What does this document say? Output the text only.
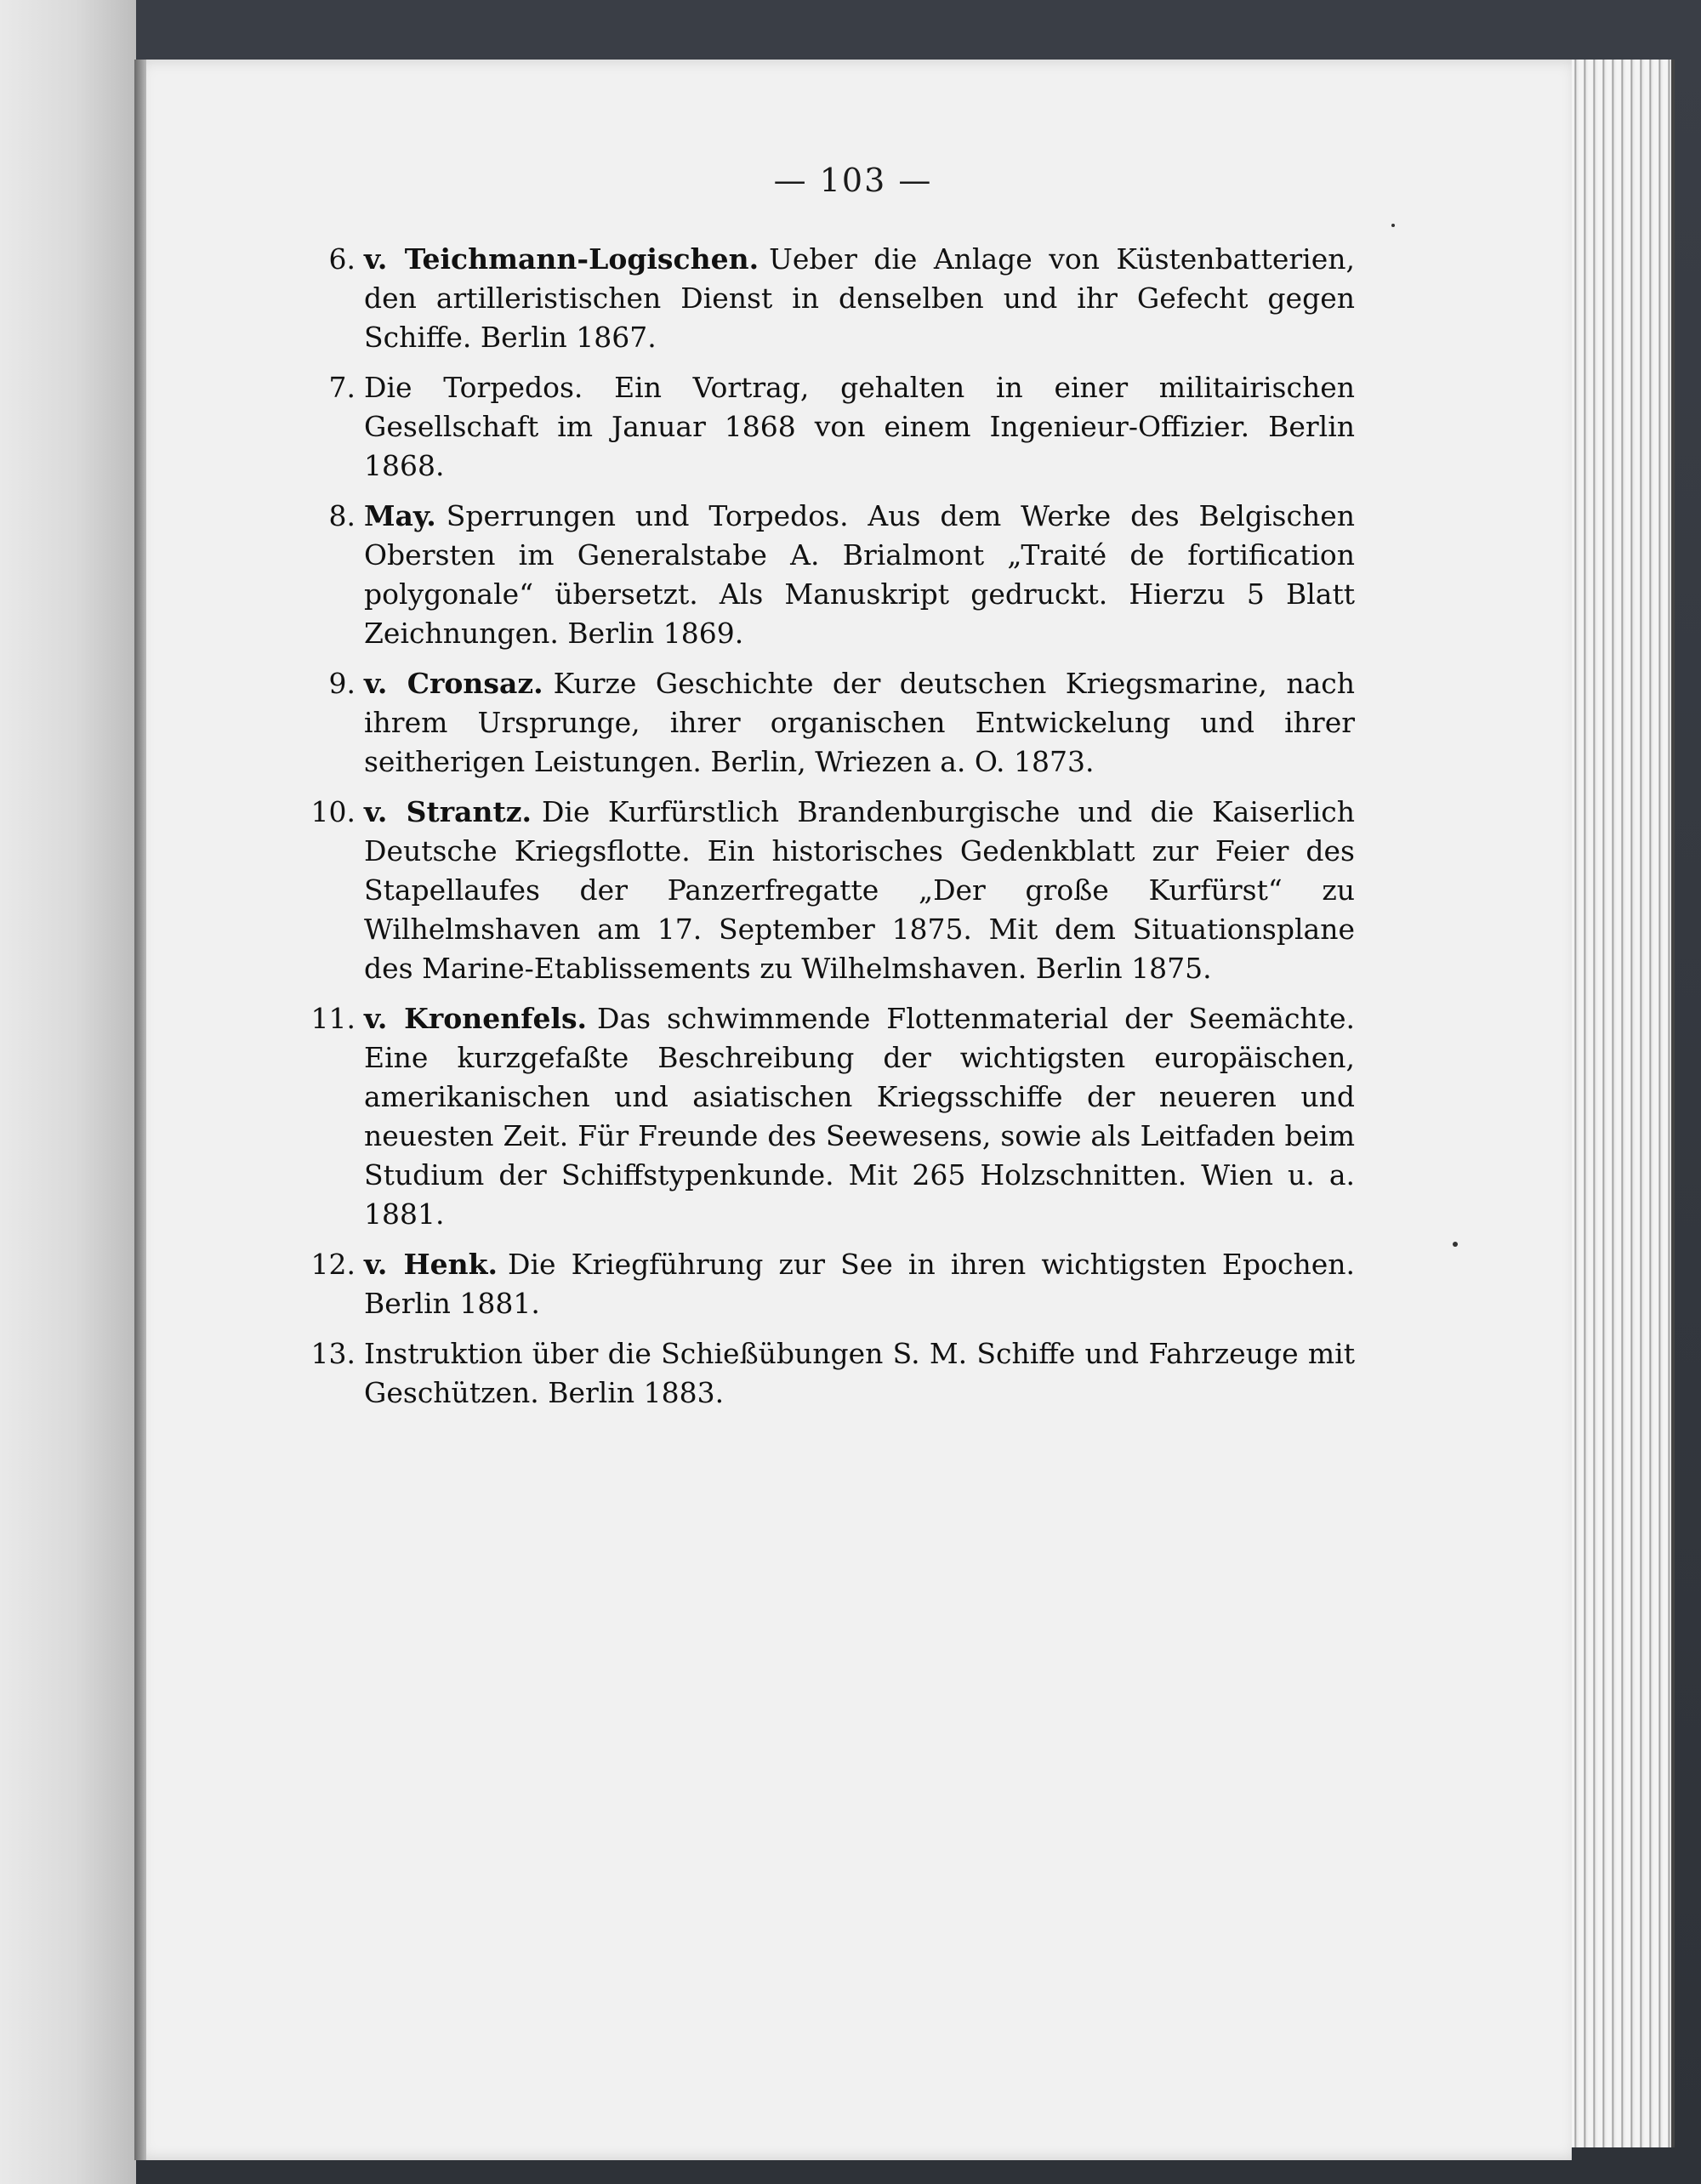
— 103 —
6. v. Teichmann-Logischen. Ueber die Anlage von Küstenbatterien, den artilleristischen Dienst in denselben und ihr Gefecht gegen Schiffe. Berlin 1867.
7. Die Torpedos. Ein Vortrag, gehalten in einer militairischen Gesellschaft im Januar 1868 von einem Ingenieur-Offizier. Berlin 1868.
8. May. Sperrungen und Torpedos. Aus dem Werke des Belgischen Obersten im Generalstabe A. Brialmont „Traité de fortification polygonale“ übersetzt. Als Manuskript gedruckt. Hierzu 5 Blatt Zeichnungen. Berlin 1869.
9. v. Cronsaz. Kurze Geschichte der deutschen Kriegsmarine, nach ihrem Ursprunge, ihrer organischen Entwickelung und ihrer seitherigen Leistungen. Berlin, Wriezen a. O. 1873.
10. v. Strantz. Die Kurfürstlich Brandenburgische und die Kaiserlich Deutsche Kriegsflotte. Ein historisches Gedenkblatt zur Feier des Stapellaufes der Panzerfregatte „Der große Kurfürst“ zu Wilhelmshaven am 17. September 1875. Mit dem Situationsplane des Marine-Etablissements zu Wilhelmshaven. Berlin 1875.
11. v. Kronenfels. Das schwimmende Flottenmaterial der Seemächte. Eine kurzgefaßte Beschreibung der wichtigsten europäischen, amerikanischen und asiatischen Kriegsschiffe der neueren und neuesten Zeit. Für Freunde des Seewesens, sowie als Leitfaden beim Studium der Schiffstypenkunde. Mit 265 Holzschnitten. Wien u. a. 1881.
12. v. Henk. Die Kriegführung zur See in ihren wichtigsten Epochen. Berlin 1881.
13. Instruktion über die Schießübungen S. M. Schiffe und Fahrzeuge mit Geschützen. Berlin 1883.
